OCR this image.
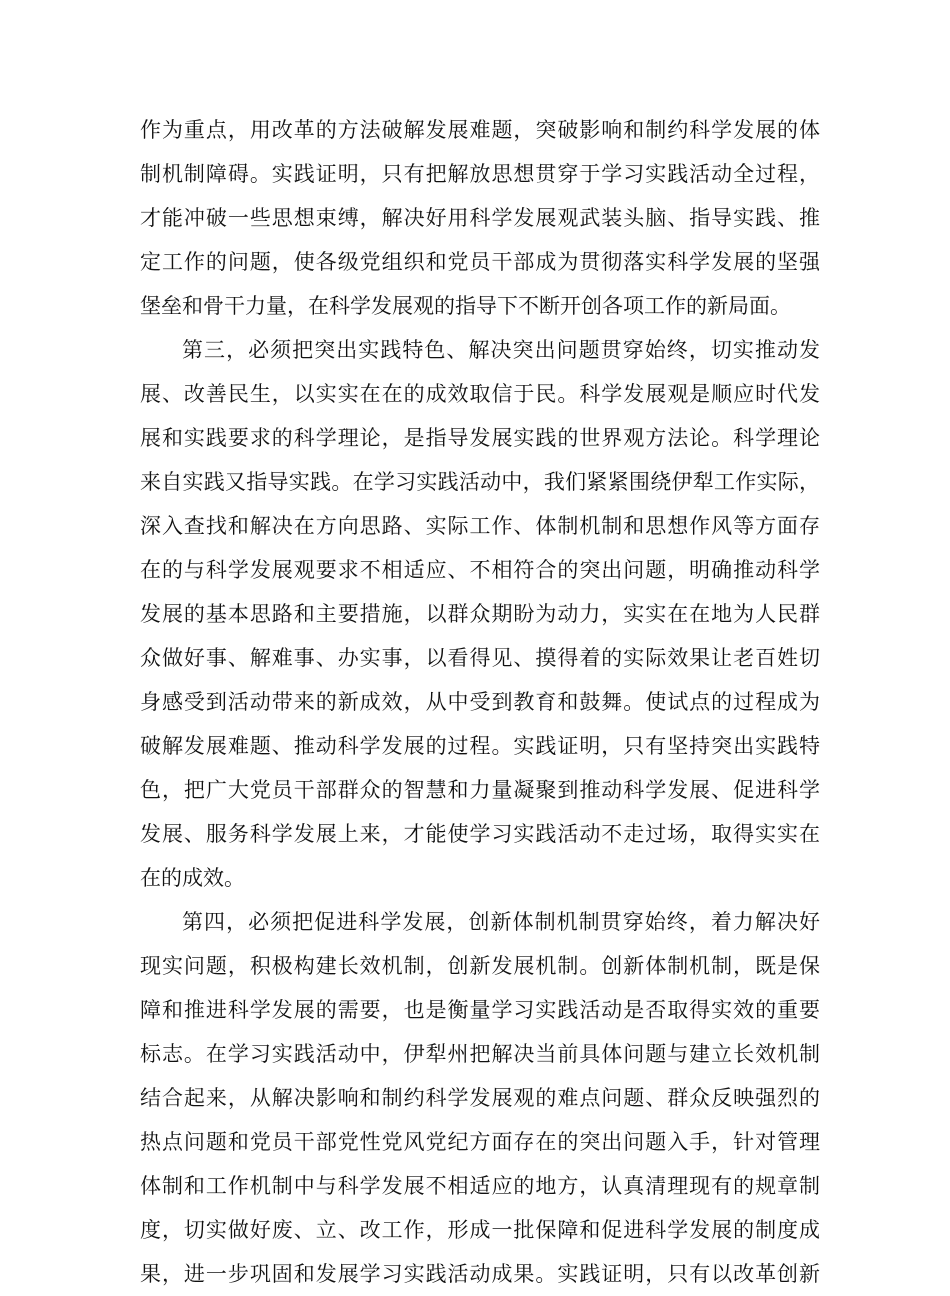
作为重点，用改革的方法破解发展难题，突破影响和制约科学发展的体
制机制障碍。实践证明，只有把解放思想贯穿于学习实践活动全过程，
才能冲破一些思想束缚，解决好用科学发展观武装头脑、指导实践、推
定工作的问题，使各级党组织和党员干部成为贯彻落实科学发展的坚强
堡垒和骨干力量，在科学发展观的指导下不断开创各项工作的新局面。
第三，必须把突出实践特色、解决突出问题贯穿始终，切实推动发
展、改善民生，以实实在在的成效取信于民。科学发展观是顺应时代发
展和实践要求的科学理论，是指导发展实践的世界观方法论。科学理论
来自实践又指导实践。在学习实践活动中，我们紧紧围绕伊犁工作实际，
深入查找和解决在方向思路、实际工作、体制机制和思想作风等方面存
在的与科学发展观要求不相适应、不相符合的突出问题，明确推动科学
发展的基本思路和主要措施，以群众期盼为动力，实实在在地为人民群
众做好事、解难事、办实事，以看得见、摸得着的实际效果让老百姓切
身感受到活动带来的新成效，从中受到教育和鼓舞。使试点的过程成为
破解发展难题、推动科学发展的过程。实践证明，只有坚持突出实践特
色，把广大党员干部群众的智慧和力量凝聚到推动科学发展、促进科学
发展、服务科学发展上来，才能使学习实践活动不走过场，取得实实在
在的成效。
第四，必须把促进科学发展，创新体制机制贯穿始终，着力解决好
现实问题，积极构建长效机制，创新发展机制。创新体制机制，既是保
障和推进科学发展的需要，也是衡量学习实践活动是否取得实效的重要
标志。在学习实践活动中，伊犁州把解决当前具体问题与建立长效机制
结合起来，从解决影响和制约科学发展观的难点问题、群众反映强烈的
热点问题和党员干部党性党风党纪方面存在的突出问题入手，针对管理
体制和工作机制中与科学发展不相适应的地方，认真清理现有的规章制
度，切实做好废、立、改工作，形成一批保障和促进科学发展的制度成
果，进一步巩固和发展学习实践活动成果。实践证明，只有以改革创新
